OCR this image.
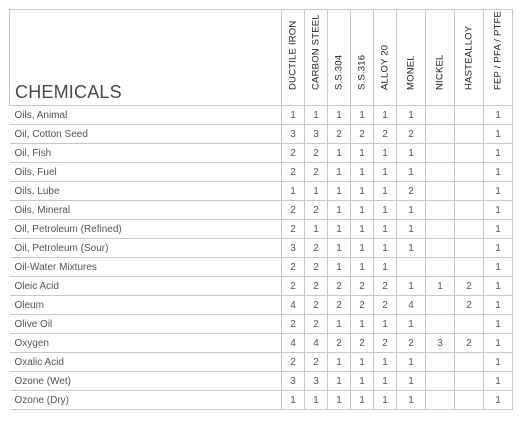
CHEMICALS	DUCTILE IRON	CARBON STEEL	S.S.304	S.S.316	ALLOY 20	MONEL	NICKEL	HASTEALLOY	FEP / PFA / PTFE

Oils, Animal	1	1	1	1	1	1			1
Oil, Cotton Seed	3	3	2	2	2	2			1
Oil, Fish	2	2	1	1	1	1			1
Oils, Fuel	2	2	1	1	1	1			1
Oils, Lube	1	1	1	1	1	2			1
Oils, Mineral	2	2	1	1	1	1			1
Oil, Petroleum (Refined)	2	1	1	1	1	1			1
Oil, Petroleum (Sour)	3	2	1	1	1	1			1
Oil-Water Mixtures	2	2	1	1	1				1
Oleic Acid	2	2	2	2	2	1	1	2	1
Oleum	4	2	2	2	2	4		2	1
Olive Oil	2	2	1	1	1	1			1
Oxygen	4	4	2	2	2	2	3	2	1
Oxalic Acid	2	2	1	1	1	1			1
Ozone (Wet)	3	3	1	1	1	1			1
Ozone (Dry)	1	1	1	1	1	1			1
